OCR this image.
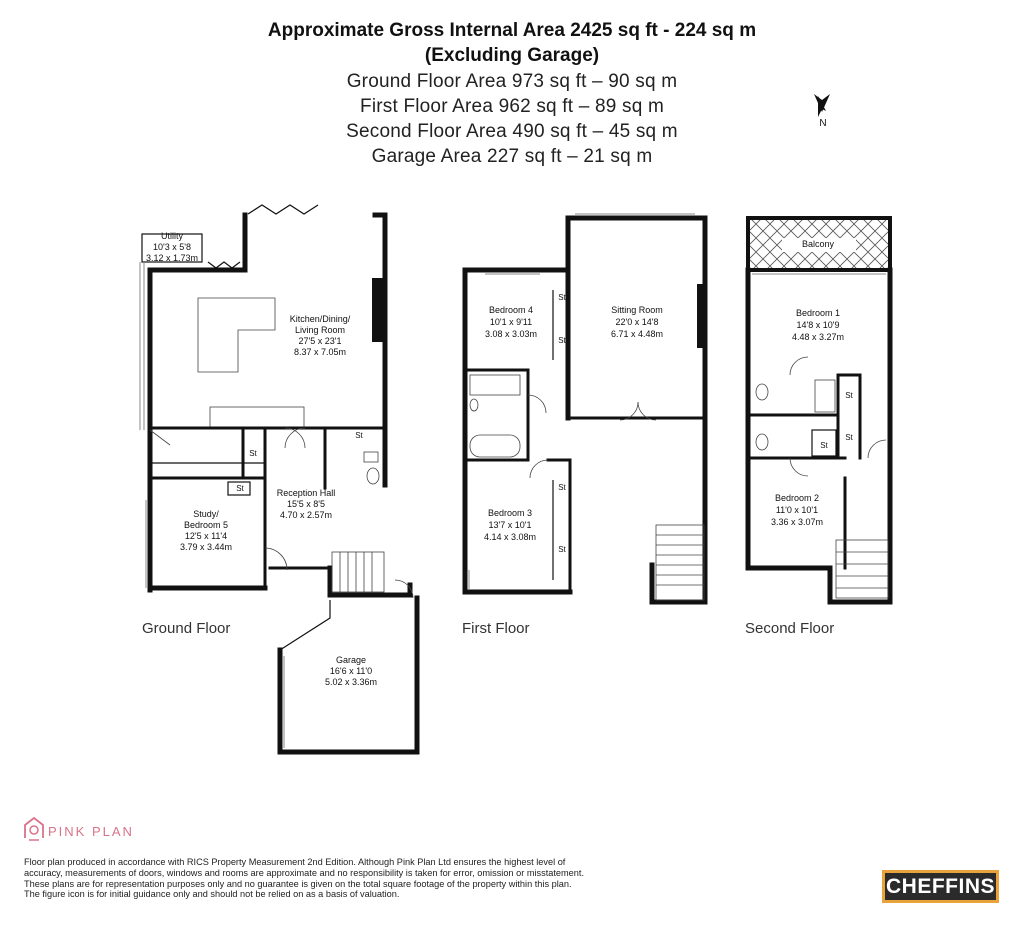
Approximate Gross Internal Area 2425 sq ft - 224 sq m
(Excluding Garage)
Ground Floor Area 973 sq ft – 90 sq m
First Floor Area 962 sq ft – 89 sq m
Second Floor Area 490 sq ft – 45 sq m
Garage Area 227 sq ft – 21 sq m
N
Utility
10'3 x 5'8
3.12 x 1.73m
Kitchen/Dining/
Living Room
27'5 x 23'1
8.37 x 7.05m
St
St
St	Reception Hall
15'5 x 8'5
4.70 x 2.57m
Study/
Bedroom 5
12'5 x 11'4
3.79 x 3.44m
Garage
16'6 x 11'0
5.02 x 3.36m
Ground Floor
Bedroom 4
10'1 x 9'11
3.08 x 3.03m
St
St
Sitting Room
22'0 x 14'8
6.71 x 4.48m
St
St
Bedroom 3
13'7 x 10'1
4.14 x 3.08m
First Floor
Balcony
Bedroom 1
14'8 x 10'9
4.48 x 3.27m
St
St
St
Bedroom 2
11'0 x 10'1
3.36 x 3.07m
Second Floor
PINK PLAN
Floor plan produced in accordance with RICS Property Measurement 2nd Edition. Although Pink Plan Ltd ensures the highest level of accuracy, measurements of doors, windows and rooms are approximate and no responsibility is taken for error, omission or misstatement. These plans are for representation purposes only and no guarantee is given on the total square footage of the property within this plan. The figure icon is for initial guidance only and should not be relied on as a basis of valuation.	CHEFFINS
